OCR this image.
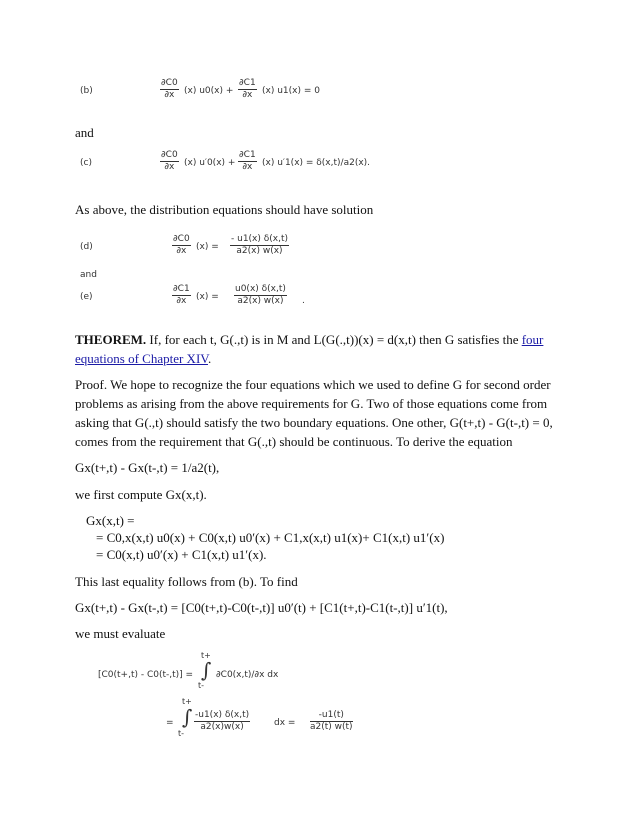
(b)	$\frac{\partial C0}{\partial x} (x) u0(x) + \frac{\partial C1}{\partial x} (x) u1(x) = 0$
and
(c)	$\frac{\partial C0}{\partial x} (x) u'0(x) + \frac{\partial C1}{\partial x} (x) u'1(x) = \delta(x,t)/a2(x)$.
As above, the distribution equations should have solution
(d)	$\frac{\partial C0}{\partial x} (x) = \frac{- u1(x) \delta(x,t)}{a2(x) w(x)}$
and
(e)	$\frac{\partial C1}{\partial x} (x) = \frac{u0(x) \delta(x,t)}{a2(x) w(x)}$ .
THEOREM. If, for each t, G(.,t) is in M and L(G(.,t))(x) = d(x,t) then G satisfies the four equations of Chapter XIV.
Proof. We hope to recognize the four equations which we used to define G for second order
problems as arising from the above requirements for G. Two of those equations come from
asking that G(.,t) should satisfy the two boundary equations. One other, G(t+,t) - G(t-,t) = 0,
comes from the requirement that G(.,t) should be continuous. To derive the equation
Gx(t+,t) - Gx(t-,t) = 1/a2(t),
we first compute Gx(x,t).
Gx(x,t) =
= C0,x(x,t) u0(x) + C0(x,t) u0′(x) + C1,x(x,t) u1(x)+ C1(x,t) u1′(x)
= C0(x,t) u0′(x) + C1(x,t) u1′(x).
This last equality follows from (b). To find
Gx(t+,t) - Gx(t-,t) = [C0(t+,t)-C0(t-,t)] u0′(t) + [C1(t+,t)-C1(t-,t)] u′1(t),
we must evaluate
[C0(t+,t) - C0(t-,t)] =
t+
∫
t-
∂C0(x,t)/∂x dx
=
t+
∫
t-
$\frac{-u1(x) \delta(x,t)}{a2(x)w(x)}$	dx = $\frac{-u1(t)}{a2(t) w(t)}$
